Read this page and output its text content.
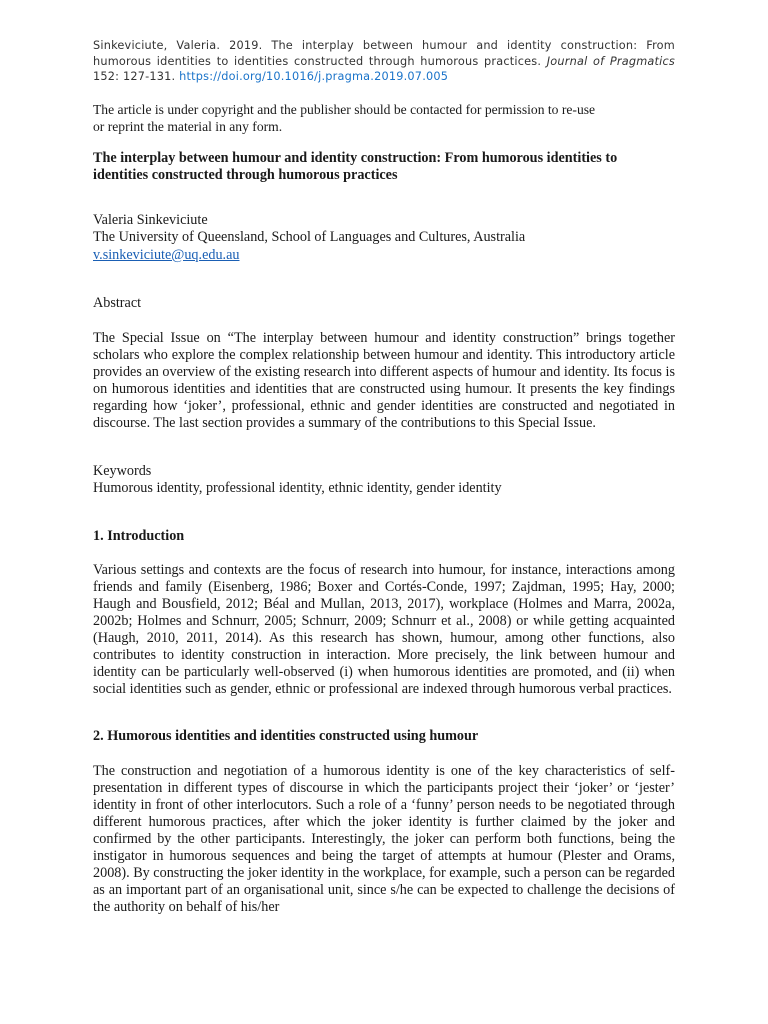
Sinkeviciute, Valeria. 2019. The interplay between humour and identity construction: From humorous identities to identities constructed through humorous practices. Journal of Pragmatics 152: 127-131. https://doi.org/10.1016/j.pragma.2019.07.005
The article is under copyright and the publisher should be contacted for permission to re-use
or reprint the material in any form.
The interplay between humour and identity construction: From humorous identities to identities constructed through humorous practices
Valeria Sinkeviciute
The University of Queensland, School of Languages and Cultures, Australia
v.sinkeviciute@uq.edu.au
Abstract
The Special Issue on “The interplay between humour and identity construction” brings together scholars who explore the complex relationship between humour and identity. This introductory article provides an overview of the existing research into different aspects of humour and identity. Its focus is on humorous identities and identities that are constructed using humour. It presents the key findings regarding how ‘joker’, professional, ethnic and gender identities are constructed and negotiated in discourse. The last section provides a summary of the contributions to this Special Issue.
Keywords
Humorous identity, professional identity, ethnic identity, gender identity
1. Introduction
Various settings and contexts are the focus of research into humour, for instance, interactions among friends and family (Eisenberg, 1986; Boxer and Cortés-Conde, 1997; Zajdman, 1995; Hay, 2000; Haugh and Bousfield, 2012; Béal and Mullan, 2013, 2017), workplace (Holmes and Marra, 2002a, 2002b; Holmes and Schnurr, 2005; Schnurr, 2009; Schnurr et al., 2008) or while getting acquainted (Haugh, 2010, 2011, 2014). As this research has shown, humour, among other functions, also contributes to identity construction in interaction. More precisely, the link between humour and identity can be particularly well-observed (i) when humorous identities are promoted, and (ii) when social identities such as gender, ethnic or professional are indexed through humorous verbal practices.
2. Humorous identities and identities constructed using humour
The construction and negotiation of a humorous identity is one of the key characteristics of self-presentation in different types of discourse in which the participants project their ‘joker’ or ‘jester’ identity in front of other interlocutors. Such a role of a ‘funny’ person needs to be negotiated through different humorous practices, after which the joker identity is further claimed by the joker and confirmed by the other participants. Interestingly, the joker can perform both functions, being the instigator in humorous sequences and being the target of attempts at humour (Plester and Orams, 2008). By constructing the joker identity in the workplace, for example, such a person can be regarded as an important part of an organisational unit, since s/he can be expected to challenge the decisions of the authority on behalf of his/her
